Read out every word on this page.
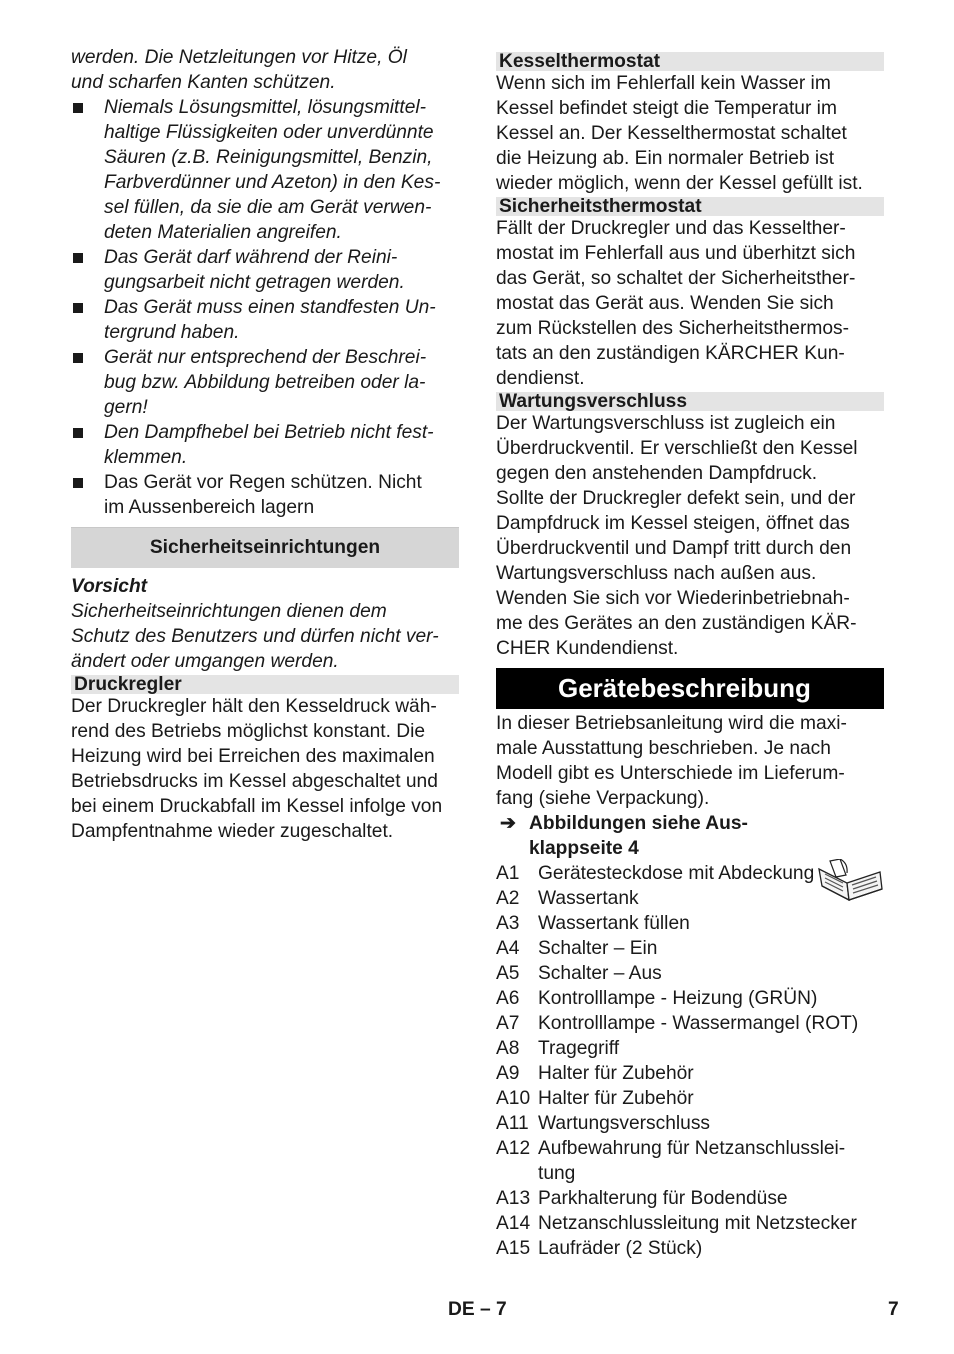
werden. Die Netzleitungen vor Hitze, Öl
und scharfen Kanten schützen.

Niemals Lösungsmittel, lösungsmittel-
haltige Flüssigkeiten oder unverdünnte
Säuren (z.B. Reinigungsmittel, Benzin,
Farbverdünner und Azeton) in den Kes-
sel füllen, da sie die am Gerät verwen-
deten Materialien angreifen.
Das Gerät darf während der Reini-
gungsarbeit nicht getragen werden.
Das Gerät muss einen standfesten Un-
tergrund haben.
Gerät nur entsprechend der Beschrei-
bug bzw. Abbildung betreiben oder la-
gern!
Den Dampfhebel bei Betrieb nicht fest-
klemmen.
Das Gerät vor Regen schützen. Nicht
im Aussenbereich lagern
Sicherheitseinrichtungen

Vorsicht

Sicherheitseinrichtungen dienen dem
Schutz des Benutzers und dürfen nicht ver-
ändert oder umgangen werden.

Druckregler

Der Druckregler hält den Kesseldruck wäh-
rend des Betriebs möglichst konstant. Die
Heizung wird bei Erreichen des maximalen
Betriebsdrucks im Kessel abgeschaltet und
bei einem Druckabfall im Kessel infolge von
Dampfentnahme wieder zugeschaltet.

Kesselthermostat

Wenn sich im Fehlerfall kein Wasser im
Kessel befindet steigt die Temperatur im
Kessel an. Der Kesselthermostat schaltet
die Heizung ab. Ein normaler Betrieb ist
wieder möglich, wenn der Kessel gefüllt ist.

Sicherheitsthermostat

Fällt der Druckregler und das Kesselther-
mostat im Fehlerfall aus und überhitzt sich
das Gerät, so schaltet der Sicherheitsther-
mostat das Gerät aus. Wenden Sie sich
zum Rückstellen des Sicherheitsthermos-
tats an den zuständigen KÄRCHER Kun-
dendienst.

Wartungsverschluss

Der Wartungsverschluss ist zugleich ein
Überdruckventil. Er verschließt den Kessel
gegen den anstehenden Dampfdruck.
Sollte der Druckregler defekt sein, und der
Dampfdruck im Kessel steigen, öffnet das
Überdruckventil und Dampf tritt durch den
Wartungsverschluss nach außen aus.
Wenden Sie sich vor Wiederinbetriebnah-
me des Gerätes an den zuständigen KÄR-
CHER Kundendienst.

Gerätebeschreibung

In dieser Betriebsanleitung wird die maxi-
male Ausstattung beschrieben. Je nach
Modell gibt es Unterschiede im Lieferum-
fang (siehe Verpackung).

➔ Abbildungen siehe Aus-
klappseite 4
A1 Gerätesteckdose mit Abdeckung
A2 Wassertank
A3 Wassertank füllen
A4 Schalter – Ein
A5 Schalter – Aus
A6 Kontrolllampe - Heizung (GRÜN)
A7 Kontrolllampe - Wassermangel (ROT)
A8 Tragegriff
A9 Halter für Zubehör
A10 Halter für Zubehör
A11 Wartungsverschluss
A12 Aufbewahrung für Netzanschlusslei-
tung
A13 Parkhalterung für Bodendüse
A14 Netzanschlussleitung mit Netzstecker
A15 Laufräder (2 Stück)
DE – 7	7
